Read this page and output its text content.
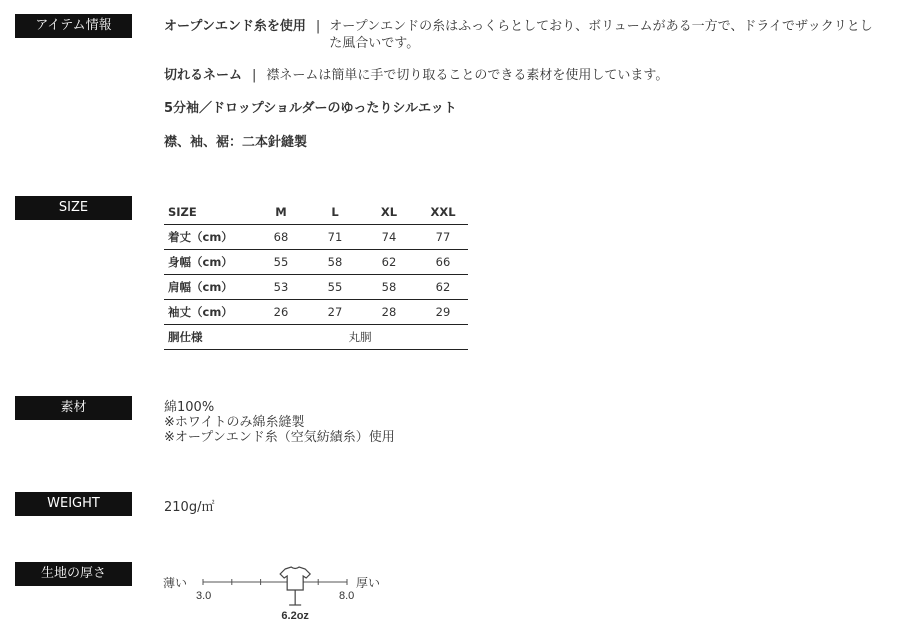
アイテム情報
SIZE
素材
WEIGHT
生地の厚さ
オープンエンド糸を使用 | オープンエンドの糸はふっくらとしており、ボリュームがある一方で、ドライでザックリとした風合いです。
切れるネーム | 襟ネームは簡単に手で切り取ることのできる素材を使用しています。
5分袖／ドロップショルダーのゆったりシルエット
襟、袖、裾：二本針縫製
SIZE	M	L	XL	XXL
着丈（cm）	68	71	74	77
身幅（cm）	55	58	62	66
肩幅（cm）	53	55	58	62
袖丈（cm）	26	27	28	29
胴仕様	丸胴			
綿100%
※ホワイトのみ綿糸縫製
※オープンエンド糸（空気紡績糸）使用
210g/㎡
薄い	厚い
3.0	8.0
6.2oz
